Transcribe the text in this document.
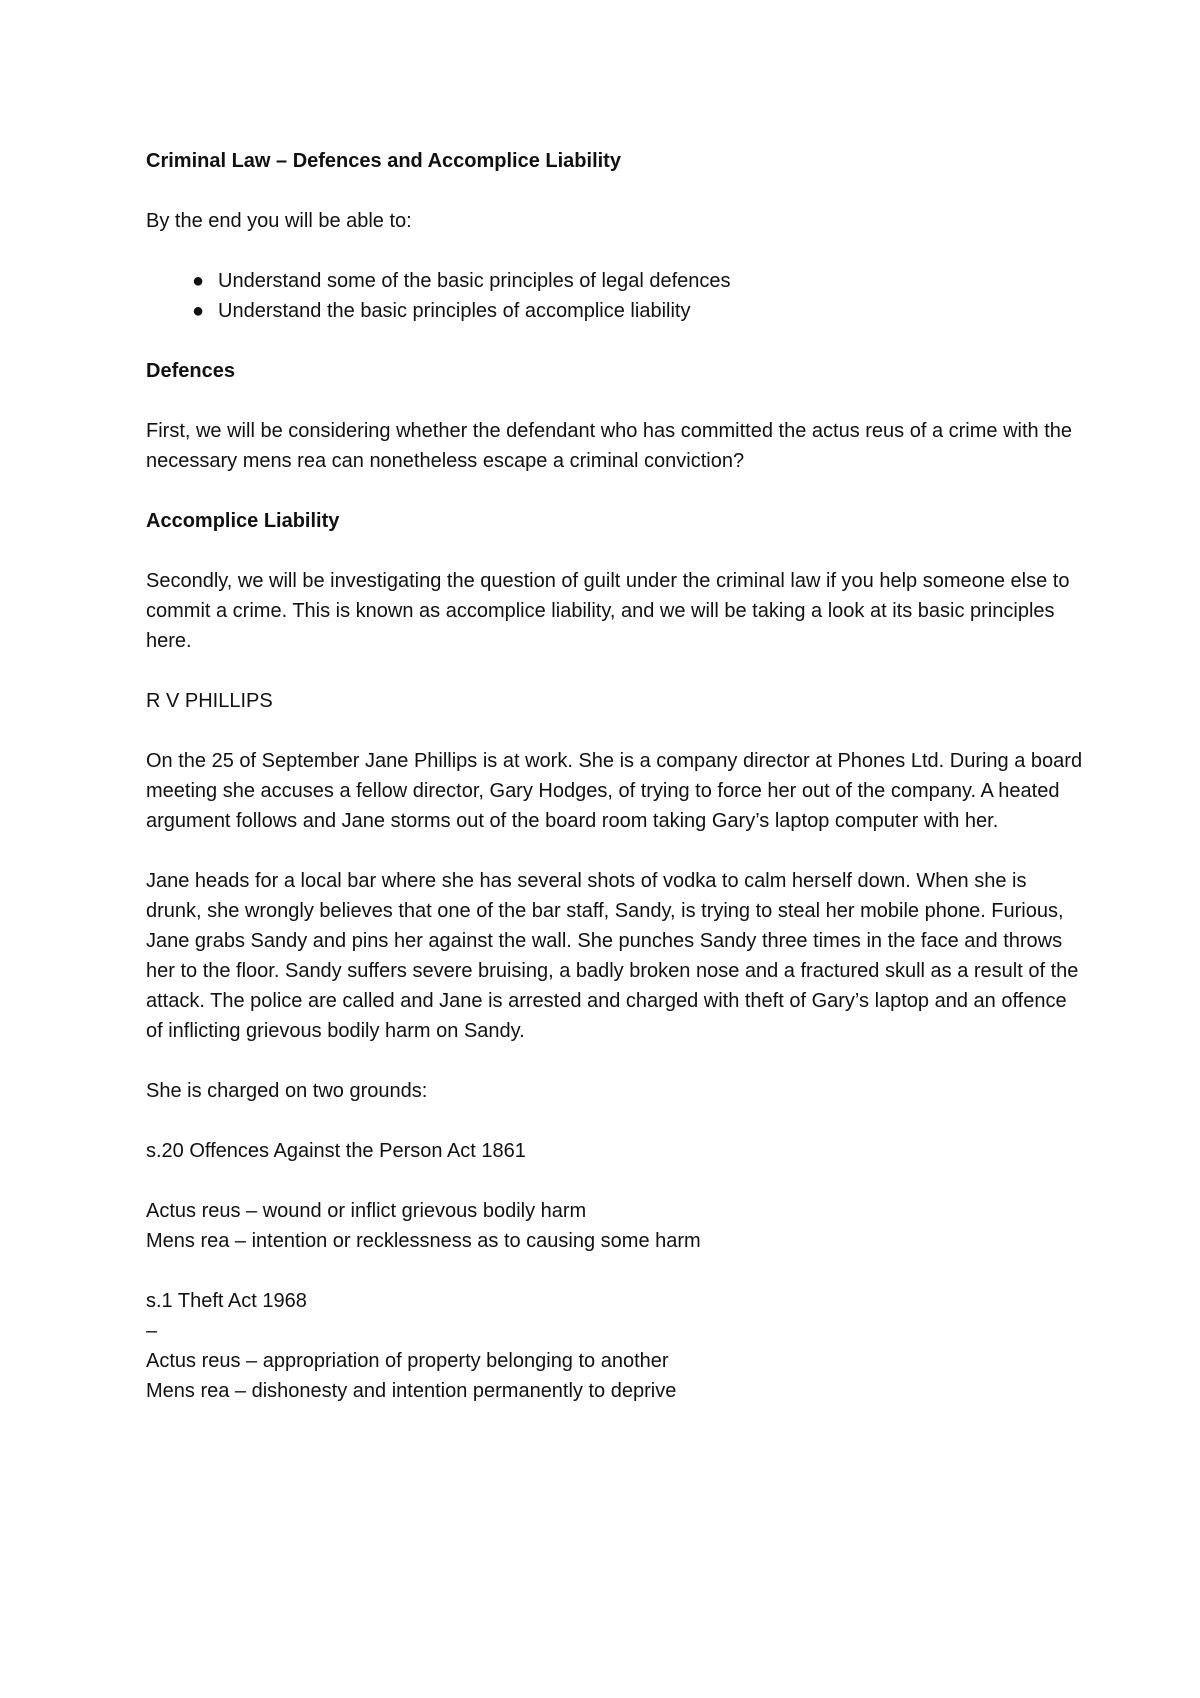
Criminal Law – Defences and Accomplice Liability

By the end you will be able to:

● Understand some of the basic principles of legal defences
● Understand the basic principles of accomplice liability

Defences

First, we will be considering whether the defendant who has committed the actus reus of a crime with the necessary mens rea can nonetheless escape a criminal conviction?

Accomplice Liability

Secondly, we will be investigating the question of guilt under the criminal law if you help someone else to commit a crime. This is known as accomplice liability, and we will be taking a look at its basic principles here.

R V PHILLIPS

On the 25 of September Jane Phillips is at work. She is a company director at Phones Ltd. During a board meeting she accuses a fellow director, Gary Hodges, of trying to force her out of the company. A heated argument follows and Jane storms out of the board room taking Gary’s laptop computer with her.

Jane heads for a local bar where she has several shots of vodka to calm herself down. When she is drunk, she wrongly believes that one of the bar staff, Sandy, is trying to steal her mobile phone. Furious, Jane grabs Sandy and pins her against the wall. She punches Sandy three times in the face and throws her to the floor. Sandy suffers severe bruising, a badly broken nose and a fractured skull as a result of the attack. The police are called and Jane is arrested and charged with theft of Gary’s laptop and an offence of inflicting grievous bodily harm on Sandy.

She is charged on two grounds:

s.20 Offences Against the Person Act 1861

Actus reus – wound or inflict grievous bodily harm
Mens rea – intention or recklessness as to causing some harm

s.1 Theft Act 1968

–
Actus reus – appropriation of property belonging to another
Mens rea – dishonesty and intention permanently to deprive
